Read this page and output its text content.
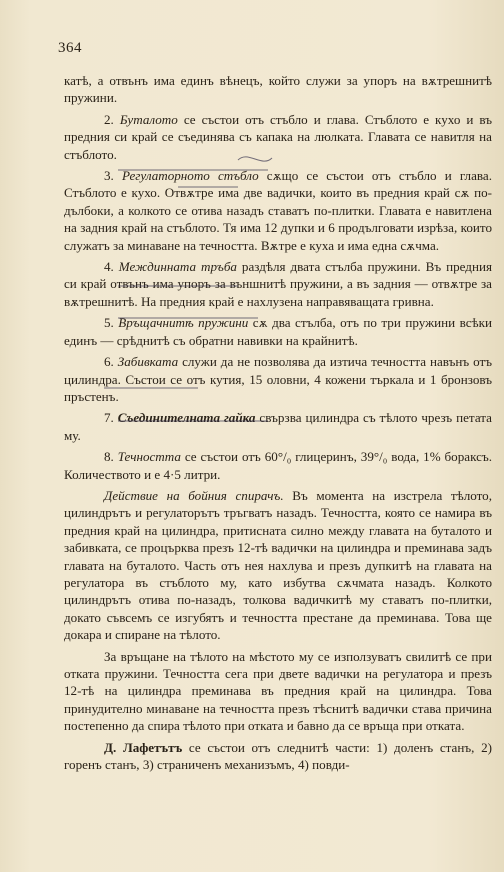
364

катѣ, а отвънъ има единъ вѣнецъ, който служи за упоръ на вѫтрешнитѣ пружини.

2. Буталото се състои отъ стъбло и глава. Стъблото е кухо и въ предния си край се съединява съ капака на люлката. Главата се навитля на стъблото.

3. Регулаторното стъбло сѫщо се състои отъ стъбло и глава. Стъблото е кухо. Отвѫтре има две вадички, които въ предния край сѫ по-дълбоки, а колкото се отива назадъ ставатъ по-плитки. Главата е навитлена на задния край на стъблото. Тя има 12 дупки и 6 продълговати изрѣза, които служатъ за минаване на течността. Вѫтре е куха и има една сѫчма.

4. Междинната тръба раздѣля двата стълба пружини. Въ предния си край отвънъ има упоръ за външнитѣ пружини, а въ задния — отвѫтре за вѫтрешнитѣ. На предния край е нахлузена направяващата гривна.

5. Връщачнитѣ пружини сѫ два стълба, отъ по три пружини всѣки единъ — срѣднитѣ съ обратни навивки на крайнитѣ.

6. Забивката служи да не позволява да изтича течността навънъ отъ цилиндра. Състои се отъ кутия, 15 оловни, 4 кожени търкала и 1 бронзовъ пръстенъ.

7. Съединителната гайка свързва цилиндра съ тѣлото чрезъ петата му.

8. Течността се състои отъ 60°/₀ глицеринъ, 39°/₀ вода, 1% бораксъ. Количеството и е 4·5 литри.

Действие на бойния спирачъ. Въ момента на изстрела тѣлото, цилиндрътъ и регулаторътъ тръгватъ назадъ. Течността, която се намира въ предния край на цилиндра, притисната силно между главата на буталото и забивката, се процърква презъ 12-тѣ вадички на цилиндра и преминава задъ главата на буталото. Часть отъ нея нахлува и презъ дупкитѣ на главата на регулатора въ стъблото му, като избутва сѫчмата назадъ. Колкото цилиндрътъ отива по-назадъ, толкова вадичкитѣ му ставатъ по-плитки, докато съвсемъ се изгубятъ и течността престане да преминава. Това ще докара и спиране на тѣлото.

За връщане на тѣлото на мѣстото му се използуватъ свилитѣ се при отката пружини. Течността сега при двете вадички на регулатора и презъ 12-тѣ на цилиндра преминава въ предния край на цилиндра. Това принудително минаване на течността презъ тѣснитѣ вадички става причина постепенно да спира тѣлото при отката и бавно да се връща при отката.

Д. Лафетътъ се състои отъ следнитѣ части: 1) доленъ станъ, 2) горенъ станъ, 3) страниченъ механизъмъ, 4) повди-
